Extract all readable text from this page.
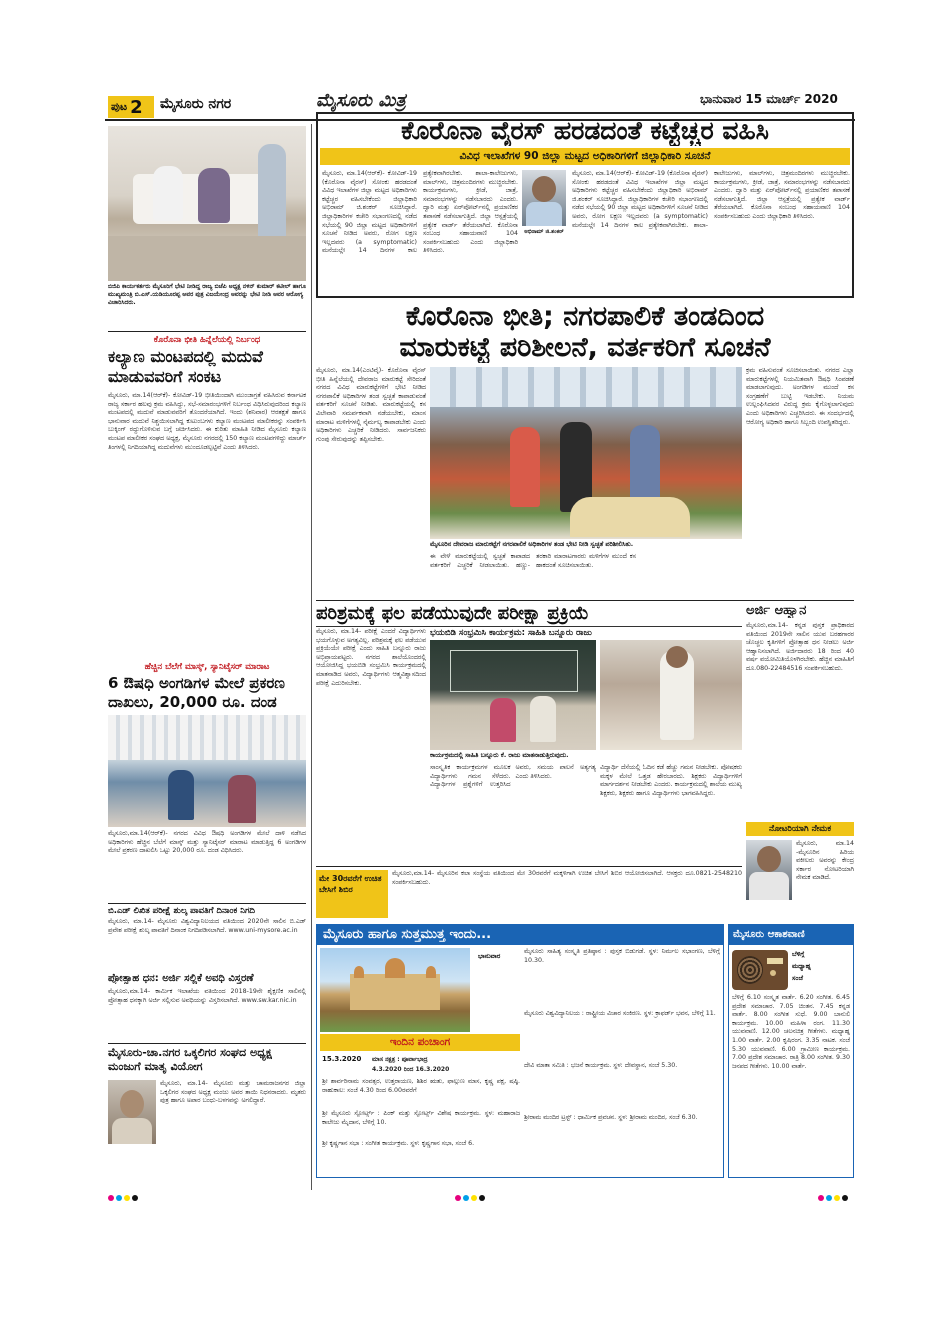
ಪುಟ 2 ಮೈಸೂರು ನಗರ	ಮೈಸೂರು ಮಿತ್ರ	ಭಾನುವಾರ 15 ಮಾರ್ಚ್ 2020
ಬಿಜಿಪಿ ಕಾರ್ಯಕರ್ತರು ಮೈಸೂರಿಗೆ ಭೇಟಿ ನೀಡಿದ್ದ ರಾಜ್ಯ ಬಿಜೆಪಿ ಅಧ್ಯಕ್ಷ ನಳಿನ್ ಕುಮಾರ್ ಕಟೀಲ್ ಹಾಗೂ ಮುಖ್ಯಮಂತ್ರಿ ಬಿ.ಎಸ್.ಯಡಿಯೂರಪ್ಪ ಅವರ ಪುತ್ರ ವಿಜಯೇಂದ್ರ ಅವರನ್ನು ಭೇಟಿ ನೀಡಿ ಅವರ ಆರೋಗ್ಯ ವಿಚಾರಿಸಿದರು.
ಕೊರೊನಾ ಭೀತಿ ಹಿನ್ನೆಲೆಯಲ್ಲಿ ನಿರ್ಬಂಧ
ಕಲ್ಯಾಣ ಮಂಟಪದಲ್ಲಿ ಮದುವೆ ಮಾಡುವವರಿಗೆ ಸಂಕಟ
ಮೈಸೂರು, ಮಾ.14(ಆರ್‌ಕೆ)- ಕೋವಿಡ್-19 ಭೀತಿಯಿಂದಾಗಿ ಮುಂಜಾಗ್ರತೆ ವಹಿಸಿರುವ ಕರ್ನಾಟಕ ರಾಜ್ಯ ಸರ್ಕಾರ ಹಲವು ಕ್ರಮ ವಹಿಸಿದ್ದು, ಸಭೆ-ಸಮಾರಂಭಗಳಿಗೆ ನಿರ್ಬಂಧ ವಿಧಿಸಿರುವುದರಿಂದ ಕಲ್ಯಾಣ ಮಂಟಪದಲ್ಲಿ ಮದುವೆ ಮಾಡುವವರಿಗೆ ತೊಂದರೆಯಾಗಿದೆ. ಇಂದು (ಶನಿವಾರ) ಆರತಕ್ಷತೆ ಹಾಗೂ ಭಾನುವಾರ ಮದುವೆ ನಿಶ್ಚಯಿಸಲಾಗಿದ್ದ ಕುಟುಂಬಗಳು ಕಲ್ಯಾಣ ಮಂಟಪದ ಮಾಲೀಕರನ್ನು ಸಂಪರ್ಕಿಸಿ ಬುಕ್ಕಿಂಗ್ ರದ್ದುಗೊಳಿಸುವ ಬಗ್ಗೆ ಚರ್ಚಿಸಿದರು. ಈ ಕುರಿತು ಮಾಹಿತಿ ನೀಡಿದ ಮೈಸೂರು ಕಲ್ಯಾಣ ಮಂಟಪ ಮಾಲೀಕರ ಸಂಘದ ಅಧ್ಯಕ್ಷ, ಮೈಸೂರು ನಗರದಲ್ಲಿ 150 ಕಲ್ಯಾಣ ಮಂಟಪಗಳಿದ್ದು ಮಾರ್ಚ್ ತಿಂಗಳಲ್ಲಿ ನಿಗದಿಯಾಗಿದ್ದ ಮದುವೆಗಳು ಮುಂದೂಡಲ್ಪಟ್ಟಿವೆ ಎಂದು ತಿಳಿಸಿದರು.
ಹೆಚ್ಚಿನ ಬೆಲೆಗೆ ಮಾಸ್ಕ್, ಸ್ಯಾನಿಟೈಸರ್ ಮಾರಾಟ
6 ಔಷಧಿ ಅಂಗಡಿಗಳ ಮೇಲೆ ಪ್ರಕರಣ ದಾಖಲು, 20,000 ರೂ. ದಂಡ
ಮೈಸೂರು,ಮಾ.14(ಆರ್‌ಕೆ)- ನಗರದ ವಿವಿಧ ಔಷಧಿ ಅಂಗಡಿಗಳ ಮೇಲೆ ದಾಳಿ ನಡೆಸಿದ ಅಧಿಕಾರಿಗಳು ಹೆಚ್ಚಿನ ಬೆಲೆಗೆ ಮಾಸ್ಕ್ ಮತ್ತು ಸ್ಯಾನಿಟೈಸರ್ ಮಾರಾಟ ಮಾಡುತ್ತಿದ್ದ 6 ಅಂಗಡಿಗಳ ಮೇಲೆ ಪ್ರಕರಣ ದಾಖಲಿಸಿ ಒಟ್ಟು 20,000 ರೂ. ದಂಡ ವಿಧಿಸಿದರು.
ಬಿ.ಎಡ್ ಲಿಖಿತ ಪರೀಕ್ಷೆ ಶುಲ್ಕ ಪಾವತಿಗೆ ದಿನಾಂಕ ನಿಗದಿ
ಮೈಸೂರು, ಮಾ.14- ಮೈಸೂರು ವಿಶ್ವವಿದ್ಯಾನಿಲಯದ ವತಿಯಿಂದ 2020ನೇ ಸಾಲಿನ ಬಿ.ಎಡ್ ಪ್ರವೇಶ ಪರೀಕ್ಷೆ ಶುಲ್ಕ ಪಾವತಿಗೆ ದಿನಾಂಕ ನಿಗದಿಪಡಿಸಲಾಗಿದೆ. www.uni-mysore.ac.in
ಪ್ರೋತ್ಸಾಹ ಧನ: ಅರ್ಜಿ ಸಲ್ಲಿಕೆ ಅವಧಿ ವಿಸ್ತರಣೆ
ಮೈಸೂರು,ಮಾ.14- ಕಾರ್ಮಿಕ ಇಲಾಖೆಯ ವತಿಯಿಂದ 2018-19ನೇ ಶೈಕ್ಷಣಿಕ ಸಾಲಿನಲ್ಲಿ ಪ್ರೋತ್ಸಾಹ ಧನಕ್ಕಾಗಿ ಅರ್ಜಿ ಸಲ್ಲಿಸುವ ಅವಧಿಯನ್ನು ವಿಸ್ತರಿಸಲಾಗಿದೆ. www.sw.kar.nic.in
ಮೈಸೂರು-ಚಾ.ನಗರ ಒಕ್ಕಲಿಗರ ಸಂಘದ ಅಧ್ಯಕ್ಷ ಮಂಜುಗೆ ಮಾತೃ ವಿಯೋಗ
ಮೈಸೂರು, ಮಾ.14- ಮೈಸೂರು ಮತ್ತು ಚಾಮರಾಜನಗರ ಜಿಲ್ಲಾ ಒಕ್ಕಲಿಗರ ಸಂಘದ ಅಧ್ಯಕ್ಷ ಮಂಜು ಅವರ ತಾಯಿ ನಿಧನರಾದರು. ಮೃತರು ಪುತ್ರ ಹಾಗೂ ಅಪಾರ ಬಂಧು-ಬಳಗವನ್ನು ಅಗಲಿದ್ದಾರೆ.
ಕೊರೊನಾ ವೈರಸ್ ಹರಡದಂತೆ ಕಟ್ಟೆಚ್ಚರ ವಹಿಸಿ
ವಿವಿಧ ಇಲಾಖೆಗಳ 90 ಜಿಲ್ಲಾ ಮಟ್ಟದ ಅಧಿಕಾರಿಗಳಿಗೆ ಜಿಲ್ಲಾಧಿಕಾರಿ ಸೂಚನೆ
ಮೈಸೂರು, ಮಾ.14(ಆರ್‌ಕೆ)- ಕೋವಿಡ್-19 (ಕೊರೊನಾ ವೈರಸ್) ಸೋಂಕು ಹರಡದಂತೆ ವಿವಿಧ ಇಲಾಖೆಗಳ ಜಿಲ್ಲಾ ಮಟ್ಟದ ಅಧಿಕಾರಿಗಳು ಕಟ್ಟೆಚ್ಚರ ವಹಿಸಬೇಕೆಂದು ಜಿಲ್ಲಾಧಿಕಾರಿ ಅಭಿರಾಮ್ ಜಿ.ಶಂಕರ್ ಸೂಚಿಸಿದ್ದಾರೆ. ಜಿಲ್ಲಾಧಿಕಾರಿಗಳ ಕಚೇರಿ ಸಭಾಂಗಣದಲ್ಲಿ ನಡೆದ ಸಭೆಯಲ್ಲಿ 90 ಜಿಲ್ಲಾ ಮಟ್ಟದ ಅಧಿಕಾರಿಗಳಿಗೆ ಸೂಚನೆ ನೀಡಿದ ಅವರು, ರೋಗ ಲಕ್ಷಣ ಇಲ್ಲದವರು (a symptomatic) ಮನೆಯಲ್ಲೇ 14 ದಿನಗಳ ಕಾಲ ಪ್ರತ್ಯೇಕವಾಗಿರಬೇಕು. ಶಾಲಾ-ಕಾಲೇಜುಗಳು, ಮಾಲ್‌ಗಳು, ಚಿತ್ರಮಂದಿರಗಳು ಮುಚ್ಚಿರಬೇಕು. ಕಾರ್ಯಕ್ರಮಗಳು, ಕ್ರೀಡೆ, ಜಾತ್ರೆ, ಸಮಾರಂಭಗಳನ್ನು ನಡೆಸಬಾರದು ಎಂದರು. ದ್ವಾರಿ ಮತ್ತು ಏರ್‌ಪೋರ್ಟ್‌ನಲ್ಲಿ ಪ್ರಯಾಣಿಕರ ತಪಾಸಣೆ ನಡೆಸಲಾಗುತ್ತಿದೆ. ಜಿಲ್ಲಾ ಆಸ್ಪತ್ರೆಯಲ್ಲಿ ಪ್ರತ್ಯೇಕ ವಾರ್ಡ್ ತೆರೆಯಲಾಗಿದೆ. ಕೊರೊನಾ ಸಂಬಂಧ ಸಹಾಯವಾಣಿ 104 ಸಂಪರ್ಕಿಸಬಹುದು ಎಂದು ಜಿಲ್ಲಾಧಿಕಾರಿ ತಿಳಿಸಿದರು.
ಅಭಿರಾಮ್ ಜಿ.ಶಂಕರ್
ಮೈಸೂರು, ಮಾ.14(ಆರ್‌ಕೆ)- ಕೋವಿಡ್-19 (ಕೊರೊನಾ ವೈರಸ್) ಸೋಂಕು ಹರಡದಂತೆ ವಿವಿಧ ಇಲಾಖೆಗಳ ಜಿಲ್ಲಾ ಮಟ್ಟದ ಅಧಿಕಾರಿಗಳು ಕಟ್ಟೆಚ್ಚರ ವಹಿಸಬೇಕೆಂದು ಜಿಲ್ಲಾಧಿಕಾರಿ ಅಭಿರಾಮ್ ಜಿ.ಶಂಕರ್ ಸೂಚಿಸಿದ್ದಾರೆ. ಜಿಲ್ಲಾಧಿಕಾರಿಗಳ ಕಚೇರಿ ಸಭಾಂಗಣದಲ್ಲಿ ನಡೆದ ಸಭೆಯಲ್ಲಿ 90 ಜಿಲ್ಲಾ ಮಟ್ಟದ ಅಧಿಕಾರಿಗಳಿಗೆ ಸೂಚನೆ ನೀಡಿದ ಅವರು, ರೋಗ ಲಕ್ಷಣ ಇಲ್ಲದವರು (a symptomatic) ಮನೆಯಲ್ಲೇ 14 ದಿನಗಳ ಕಾಲ ಪ್ರತ್ಯೇಕವಾಗಿರಬೇಕು. ಶಾಲಾ-ಕಾಲೇಜುಗಳು, ಮಾಲ್‌ಗಳು, ಚಿತ್ರಮಂದಿರಗಳು ಮುಚ್ಚಿರಬೇಕು. ಕಾರ್ಯಕ್ರಮಗಳು, ಕ್ರೀಡೆ, ಜಾತ್ರೆ, ಸಮಾರಂಭಗಳನ್ನು ನಡೆಸಬಾರದು ಎಂದರು. ದ್ವಾರಿ ಮತ್ತು ಏರ್‌ಪೋರ್ಟ್‌ನಲ್ಲಿ ಪ್ರಯಾಣಿಕರ ತಪಾಸಣೆ ನಡೆಸಲಾಗುತ್ತಿದೆ. ಜಿಲ್ಲಾ ಆಸ್ಪತ್ರೆಯಲ್ಲಿ ಪ್ರತ್ಯೇಕ ವಾರ್ಡ್ ತೆರೆಯಲಾಗಿದೆ. ಕೊರೊನಾ ಸಂಬಂಧ ಸಹಾಯವಾಣಿ 104 ಸಂಪರ್ಕಿಸಬಹುದು ಎಂದು ಜಿಲ್ಲಾಧಿಕಾರಿ ತಿಳಿಸಿದರು.
ಕೊರೊನಾ ಭೀತಿ; ನಗರಪಾಲಿಕೆ ತಂಡದಿಂದ
ಮಾರುಕಟ್ಟೆ ಪರಿಶೀಲನೆ, ವರ್ತಕರಿಗೆ ಸೂಚನೆ
ಮೈಸೂರು, ಮಾ.14(ಎಂಟಿವೈ)- ಕೊರೊನಾ ವೈರಸ್ ಭೀತಿ ಹಿನ್ನೆಲೆಯಲ್ಲಿ ದೇವರಾಜ ಮಾರುಕಟ್ಟೆ ಸೇರಿದಂತೆ ನಗರದ ವಿವಿಧ ಮಾರುಕಟ್ಟೆಗಳಿಗೆ ಭೇಟಿ ನೀಡಿದ ನಗರಪಾಲಿಕೆ ಅಧಿಕಾರಿಗಳ ತಂಡ ಸ್ವಚ್ಛತೆ ಕಾಪಾಡುವಂತೆ ವರ್ತಕರಿಗೆ ಸೂಚನೆ ನೀಡಿತು. ಮಾರುಕಟ್ಟೆಯಲ್ಲಿ ಕಸ ವಿಲೇವಾರಿ ಸಮರ್ಪಕವಾಗಿ ನಡೆಯಬೇಕು, ಮಾಂಸ ಮಾರಾಟ ಮಳಿಗೆಗಳಲ್ಲಿ ನೈರ್ಮಲ್ಯ ಕಾಪಾಡಬೇಕು ಎಂದು ಅಧಿಕಾರಿಗಳು ಎಚ್ಚರಿಕೆ ನೀಡಿದರು. ಸಾರ್ವಜನಿಕರು ಗುಂಪು ಸೇರುವುದನ್ನು ತಪ್ಪಿಸಬೇಕು.
ಮೈಸೂರಿನ ದೇವರಾಜ ಮಾರುಕಟ್ಟೆಗೆ ನಗರಪಾಲಿಕೆ ಅಧಿಕಾರಿಗಳ ತಂಡ ಭೇಟಿ ನೀಡಿ ಸ್ವಚ್ಛತೆ ಪರಿಶೀಲಿಸಿತು.
ಕ್ರಮ ವಹಿಸುವಂತೆ ಸೂಚಿಸಲಾಯಿತು. ನಗರದ ಎಲ್ಲಾ ಮಾರುಕಟ್ಟೆಗಳಲ್ಲಿ ನಿಯಮಿತವಾಗಿ ಔಷಧಿ ಸಿಂಪಡಣೆ ಮಾಡಲಾಗುವುದು. ಅಂಗಡಿಗಳ ಮುಂದೆ ಕಸ ಸಂಗ್ರಹಣೆಗೆ ಬುಟ್ಟಿ ಇಡಬೇಕು. ನಿಯಮ ಉಲ್ಲಂಘಿಸಿದವರ ವಿರುದ್ಧ ಕ್ರಮ ಕೈಗೊಳ್ಳಲಾಗುವುದು ಎಂದು ಅಧಿಕಾರಿಗಳು ಎಚ್ಚರಿಸಿದರು. ಈ ಸಂದರ್ಭದಲ್ಲಿ ಆರೋಗ್ಯ ಅಧಿಕಾರಿ ಹಾಗೂ ಸಿಬ್ಬಂದಿ ಉಪಸ್ಥಿತರಿದ್ದರು.
ಈ ವೇಳೆ ಮಾರುಕಟ್ಟೆಯಲ್ಲಿ ಸ್ವಚ್ಛತೆ ಕಾಪಾಡದ ವರ್ತಕರಿಗೆ ಎಚ್ಚರಿಕೆ ನೀಡಲಾಯಿತು. ಹಣ್ಣು-ತರಕಾರಿ ಮಾರಾಟಗಾರರು ಮಳಿಗೆಗಳ ಮುಂದೆ ಕಸ ಹಾಕದಂತೆ ಸೂಚಿಸಲಾಯಿತು.
ಪರಿಶ್ರಮಕ್ಕೆ ಫಲ ಪಡೆಯುವುದೇ ಪರೀಕ್ಷಾ ಪ್ರಕ್ರಿಯೆ
ಭಯಬಿಡಿ ಸಂಭ್ರಮಿಸಿ ಕಾರ್ಯಕ್ರಮ: ಸಾಹಿತಿ ಬನ್ನೂರು ರಾಜು
ಮೈಸೂರು, ಮಾ.14- ಪರೀಕ್ಷೆ ಎಂದರೆ ವಿದ್ಯಾರ್ಥಿಗಳು ಭಯಗೊಳ್ಳುವ ಅಗತ್ಯವಿಲ್ಲ. ಪರಿಶ್ರಮಕ್ಕೆ ಫಲ ಪಡೆಯುವ ಪ್ರಕ್ರಿಯೆಯೇ ಪರೀಕ್ಷೆ ಎಂದು ಸಾಹಿತಿ ಬನ್ನೂರು ರಾಜು ಅಭಿಪ್ರಾಯಪಟ್ಟರು. ನಗರದ ಶಾಲೆಯೊಂದರಲ್ಲಿ ಆಯೋಜಿಸಿದ್ದ ಭಯಬಿಡಿ ಸಂಭ್ರಮಿಸಿ ಕಾರ್ಯಕ್ರಮದಲ್ಲಿ ಮಾತನಾಡಿದ ಅವರು, ವಿದ್ಯಾರ್ಥಿಗಳು ಆತ್ಮವಿಶ್ವಾಸದಿಂದ ಪರೀಕ್ಷೆ ಎದುರಿಸಬೇಕು.
ಕಾರ್ಯಕ್ರಮದಲ್ಲಿ ಸಾಹಿತಿ ಬನ್ನೂರು ಕೆ. ರಾಜು ಮಾತನಾಡುತ್ತಿರುವುದು.
ಸಾಂಸ್ಕೃತಿಕ ಕಾರ್ಯಕ್ರಮಗಳ ಮೂಲಕ ವಿದ್ಯಾರ್ಥಿಗಳು ಗಮನ ಸೆಳೆದರು. ವಿದ್ಯಾರ್ಥಿಗಳ ಪ್ರಶ್ನೆಗಳಿಗೆ ಉತ್ತರಿಸಿದ ಅವರು, ಸಮಯ ಪಾಲನೆ ಅತ್ಯಗತ್ಯ ಎಂದು ತಿಳಿಸಿದರು.
ವಿದ್ಯಾರ್ಥಿ ದೆಸೆಯಲ್ಲಿ ಓದಿನ ಕಡೆ ಹೆಚ್ಚು ಗಮನ ನೀಡಬೇಕು. ಪೋಷಕರು ಮಕ್ಕಳ ಮೇಲೆ ಒತ್ತಡ ಹೇರಬಾರದು. ಶಿಕ್ಷಕರು ವಿದ್ಯಾರ್ಥಿಗಳಿಗೆ ಮಾರ್ಗದರ್ಶನ ನೀಡಬೇಕು ಎಂದರು. ಕಾರ್ಯಕ್ರಮದಲ್ಲಿ ಶಾಲೆಯ ಮುಖ್ಯ ಶಿಕ್ಷಕರು, ಶಿಕ್ಷಕರು ಹಾಗೂ ವಿದ್ಯಾರ್ಥಿಗಳು ಭಾಗವಹಿಸಿದ್ದರು.
ಮೇ 30ರವರೆಗೆ ಉಚಿತ ಬೇಸಿಗೆ ಶಿಬಿರ
ಮೈಸೂರು,ಮಾ.14- ಮೈಸೂರಿನ ಕಲಾ ಸಂಸ್ಥೆಯ ವತಿಯಿಂದ ಮೇ 30ರವರೆಗೆ ಮಕ್ಕಳಿಗಾಗಿ ಉಚಿತ ಬೇಸಿಗೆ ಶಿಬಿರ ಆಯೋಜಿಸಲಾಗಿದೆ. ಆಸಕ್ತರು ದೂ.0821-2548210 ಸಂಪರ್ಕಿಸಬಹುದು.
ಅರ್ಜಿ ಆಹ್ವಾನ
ಮೈಸೂರು,ಮಾ.14- ಕನ್ನಡ ಪುಸ್ತಕ ಪ್ರಾಧಿಕಾರದ ವತಿಯಿಂದ 2019ನೇ ಸಾಲಿನ ಯುವ ಬರಹಗಾರರ ಚೊಚ್ಚಲ ಕೃತಿಗಳಿಗೆ ಪ್ರೋತ್ಸಾಹ ಧನ ನೀಡಲು ಅರ್ಜಿ ಆಹ್ವಾನಿಸಲಾಗಿದೆ. ಅರ್ಜಿದಾರರು 18 ರಿಂದ 40 ವರ್ಷ ವಯೋಮಿತಿಯೊಳಗಿರಬೇಕು. ಹೆಚ್ಚಿನ ಮಾಹಿತಿಗೆ ದೂ.080-22484516 ಸಂಪರ್ಕಿಸಬಹುದು.
ನೋಟರಿಯಾಗಿ ನೇಮಕ
ಮೈಸೂರು, ಮಾ.14 -ಮೈಸೂರಿನ ಹಿರಿಯ ವಕೀಲರು ಅವರನ್ನು ಕೇಂದ್ರ ಸರ್ಕಾರ ನೋಟರಿಯಾಗಿ ನೇಮಕ ಮಾಡಿದೆ.
ಮೈಸೂರು ಹಾಗೂ ಸುತ್ತಮುತ್ತ ಇಂದು...
ಇಂದಿನ ಪಂಚಾಂಗ
15.3.2020
ಭಾನುವಾರ
ಮಾಸ ನಕ್ಷತ್ರ : ಪೂರ್ವಾಭಾದ್ರ
4.3.2020 ರಿಂದ 16.3.2020
ಶ್ರೀ ಶಾರ್ವರಿನಾಮ ಸಂವತ್ಸರ, ಉತ್ತರಾಯಣ, ಶಿಶಿರ ಋತು, ಫಾಲ್ಗುಣ ಮಾಸ, ಕೃಷ್ಣ ಪಕ್ಷ, ಷಷ್ಠಿ. ರಾಹುಕಾಲ: ಸಂಜೆ 4.30 ರಿಂದ 6.00ರವರೆಗೆ
ಶ್ರೀ ಮೈಸೂರು ಸ್ಪೋರ್ಟ್ಸ್ : ಪಿಂಕ್ ಮತ್ತು ಸ್ಪೋರ್ಟ್ಸ್ ವಿಶೇಷ ಕಾರ್ಯಕ್ರಮ. ಸ್ಥಳ: ಮಹಾರಾಜ ಕಾಲೇಜು ಮೈದಾನ, ಬೆಳಿಗ್ಗೆ 10.
ಶ್ರೀ ಕೃಷ್ಣಗಾನ ಸಭಾ : ಸಂಗೀತ ಕಾರ್ಯಕ್ರಮ. ಸ್ಥಳ: ಕೃಷ್ಣಗಾನ ಸಭಾ, ಸಂಜೆ 6.
ಮೈಸೂರು ಸಾಹಿತ್ಯ ಸಂಸ್ಕೃತಿ ಪ್ರತಿಷ್ಠಾನ : ಪುಸ್ತಕ ಬಿಡುಗಡೆ. ಸ್ಥಳ: ನಿರ್ಮಲ ಸಭಾಂಗಣ, ಬೆಳಿಗ್ಗೆ 10.30.
ಮೈಸೂರು ವಿಶ್ವವಿದ್ಯಾನಿಲಯ : ರಾಷ್ಟ್ರೀಯ ವಿಚಾರ ಸಂಕಿರಣ. ಸ್ಥಳ: ಕ್ರಾಫರ್ಡ್ ಭವನ, ಬೆಳಿಗ್ಗೆ 11.
ದೇವಿ ಮಾತಾ ಸಮಿತಿ : ಭಜನೆ ಕಾರ್ಯಕ್ರಮ. ಸ್ಥಳ: ದೇವಸ್ಥಾನ, ಸಂಜೆ 5.30.
ಶ್ರೀರಾಮ ಮಂದಿರ ಟ್ರಸ್ಟ್ : ಧಾರ್ಮಿಕ ಪ್ರವಚನ. ಸ್ಥಳ: ಶ್ರೀರಾಮ ಮಂದಿರ, ಸಂಜೆ 6.30.
ಮೈಸೂರು ಆಕಾಶವಾಣಿ
ಬೆಳಿಗ್ಗೆ
ಬೆಳಿಗ್ಗೆ 6.10 ಸಂಸ್ಕೃತ ವಾರ್ತೆ. 6.20 ಸಂಗೀತ. 6.45 ಪ್ರದೇಶ ಸಮಾಚಾರ. 7.05 ಚಿಂತನ. 7.45 ಕನ್ನಡ ವಾರ್ತೆ. 8.00 ಸಂಗೀತ ಸುಧೆ. 9.00 ಬಾನುಲಿ ಕಾರ್ಯಕ್ರಮ. 10.00 ಮಹಿಳಾ ರಂಗ. 11.30 ಯುವವಾಣಿ. 12.00 ಚಲನಚಿತ್ರ ಗೀತೆಗಳು. ಮಧ್ಯಾಹ್ನ 1.00 ವಾರ್ತೆ. 2.00 ಕೃಷಿರಂಗ. 3.35 ನಾಟಕ. ಸಂಜೆ 5.30 ಯುವವಾಣಿ. 6.00 ಗ್ರಾಮೀಣ ಕಾರ್ಯಕ್ರಮ. 7.00 ಪ್ರದೇಶ ಸಮಾಚಾರ. ರಾತ್ರಿ 8.00 ಸಂಗೀತ. 9.30 ಜನಪದ ಗೀತೆಗಳು. 10.00 ವಾರ್ತೆ.
ಮಧ್ಯಾಹ್ನ
ಸಂಜೆ
